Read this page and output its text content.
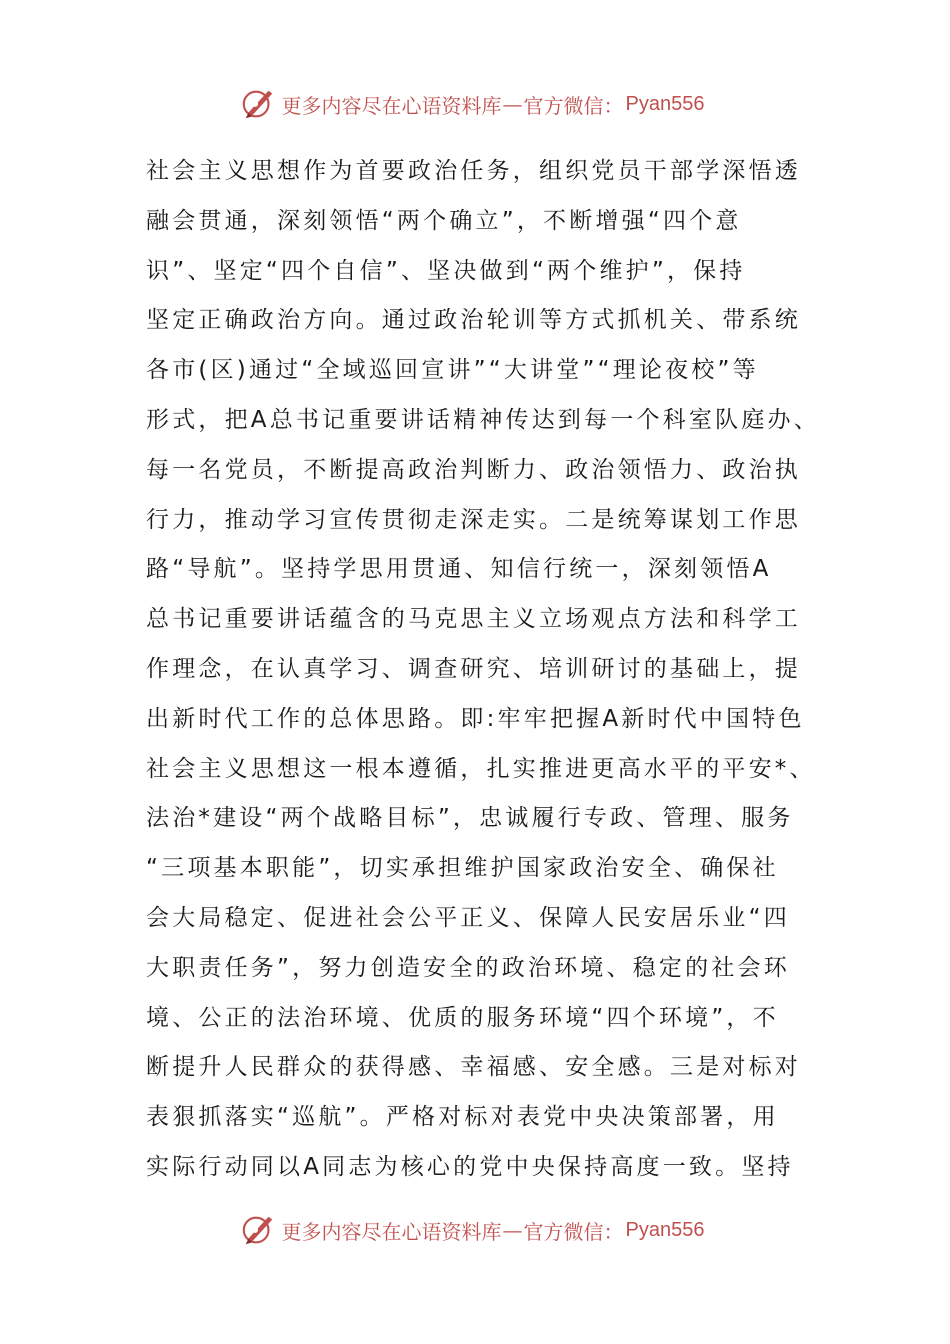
更多内容尽在心语资料库 — 官方微信： Pyan556
社会主义思想作为首要政治任务，组织党员干部学深悟透
融会贯通，深刻领悟“两个确立”，不断增强“四个意
识”、坚定“四个自信”、坚决做到“两个维护”，保持
坚定正确政治方向。通过政治轮训等方式抓机关、带系统
各市(区)通过“全域巡回宣讲”“大讲堂”“理论夜校”等
形式，把A总书记重要讲话精神传达到每一个科室队庭办、
每一名党员，不断提高政治判断力、政治领悟力、政治执
行力，推动学习宣传贯彻走深走实。二是统筹谋划工作思
路“导航”。坚持学思用贯通、知信行统一，深刻领悟A
总书记重要讲话蕴含的马克思主义立场观点方法和科学工
作理念，在认真学习、调查研究、培训研讨的基础上，提
出新时代工作的总体思路。即:牢牢把握A新时代中国特色
社会主义思想这一根本遵循，扎实推进更高水平的平安*、
法治*建设“两个战略目标”，忠诚履行专政、管理、服务
“三项基本职能”，切实承担维护国家政治安全、确保社
会大局稳定、促进社会公平正义、保障人民安居乐业“四
大职责任务”，努力创造安全的政治环境、稳定的社会环
境、公正的法治环境、优质的服务环境“四个环境”，不
断提升人民群众的获得感、幸福感、安全感。三是对标对
表狠抓落实“巡航”。严格对标对表党中央决策部署，用
实际行动同以A同志为核心的党中央保持高度一致。坚持
更多内容尽在心语资料库 — 官方微信： Pyan556
